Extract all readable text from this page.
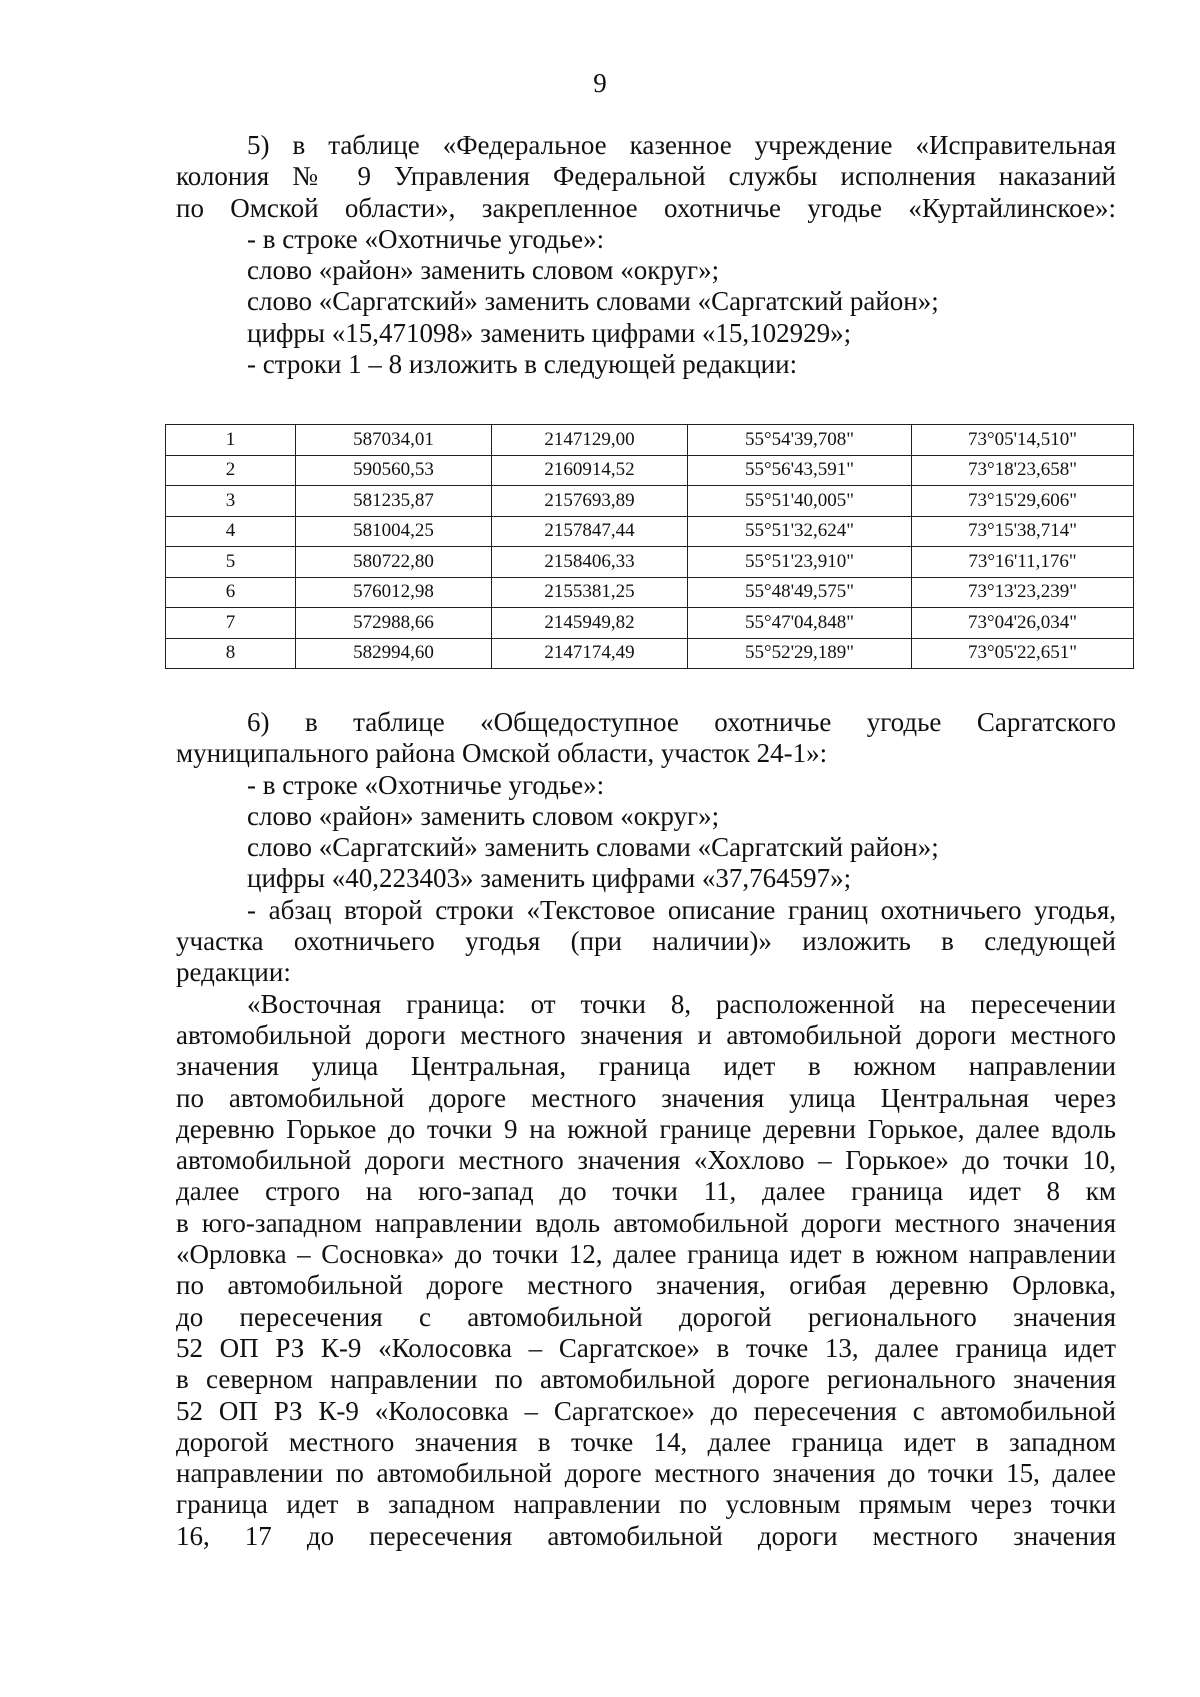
9
5) в таблице «Федеральное казенное учреждение «Исправительная
колония № 9 Управления Федеральной службы исполнения наказаний
по Омской области», закрепленное охотничье угодье «Куртайлинское»:
- в строке «Охотничье угодье»:
слово «район» заменить словом «округ»;
слово «Саргатский» заменить словами «Саргатский район»;
цифры «15,471098» заменить цифрами «15,102929»;
- строки 1 – 8 изложить в следующей редакции:
1	587034,01	2147129,00	55°54'39,708"	73°05'14,510"
2	590560,53	2160914,52	55°56'43,591"	73°18'23,658"
3	581235,87	2157693,89	55°51'40,005"	73°15'29,606"
4	581004,25	2157847,44	55°51'32,624"	73°15'38,714"
5	580722,80	2158406,33	55°51'23,910"	73°16'11,176"
6	576012,98	2155381,25	55°48'49,575"	73°13'23,239"
7	572988,66	2145949,82	55°47'04,848"	73°04'26,034"
8	582994,60	2147174,49	55°52'29,189"	73°05'22,651"
6) в таблице «Общедоступное охотничье угодье Саргатского
муниципального района Омской области, участок 24-1»:
- в строке «Охотничье угодье»:
слово «район» заменить словом «округ»;
слово «Саргатский» заменить словами «Саргатский район»;
цифры «40,223403» заменить цифрами «37,764597»;
- абзац второй строки «Текстовое описание границ охотничьего угодья,
участка охотничьего угодья (при наличии)» изложить в следующей
редакции:
«Восточная граница: от точки 8, расположенной на пересечении
автомобильной дороги местного значения и автомобильной дороги местного
значения улица Центральная, граница идет в южном направлении
по автомобильной дороге местного значения улица Центральная через
деревню Горькое до точки 9 на южной границе деревни Горькое, далее вдоль
автомобильной дороги местного значения «Хохлово – Горькое» до точки 10,
далее строго на юго-запад до точки 11, далее граница идет 8 км
в юго-западном направлении вдоль автомобильной дороги местного значения
«Орловка – Сосновка» до точки 12, далее граница идет в южном направлении
по автомобильной дороге местного значения, огибая деревню Орловка,
до пересечения с автомобильной дорогой регионального значения
52 ОП РЗ К-9 «Колосовка – Саргатское» в точке 13, далее граница идет
в северном направлении по автомобильной дороге регионального значения
52 ОП РЗ К-9 «Колосовка – Саргатское» до пересечения с автомобильной
дорогой местного значения в точке 14, далее граница идет в западном
направлении по автомобильной дороге местного значения до точки 15, далее
граница идет в западном направлении по условным прямым через точки
16, 17 до пересечения автомобильной дороги местного значения
